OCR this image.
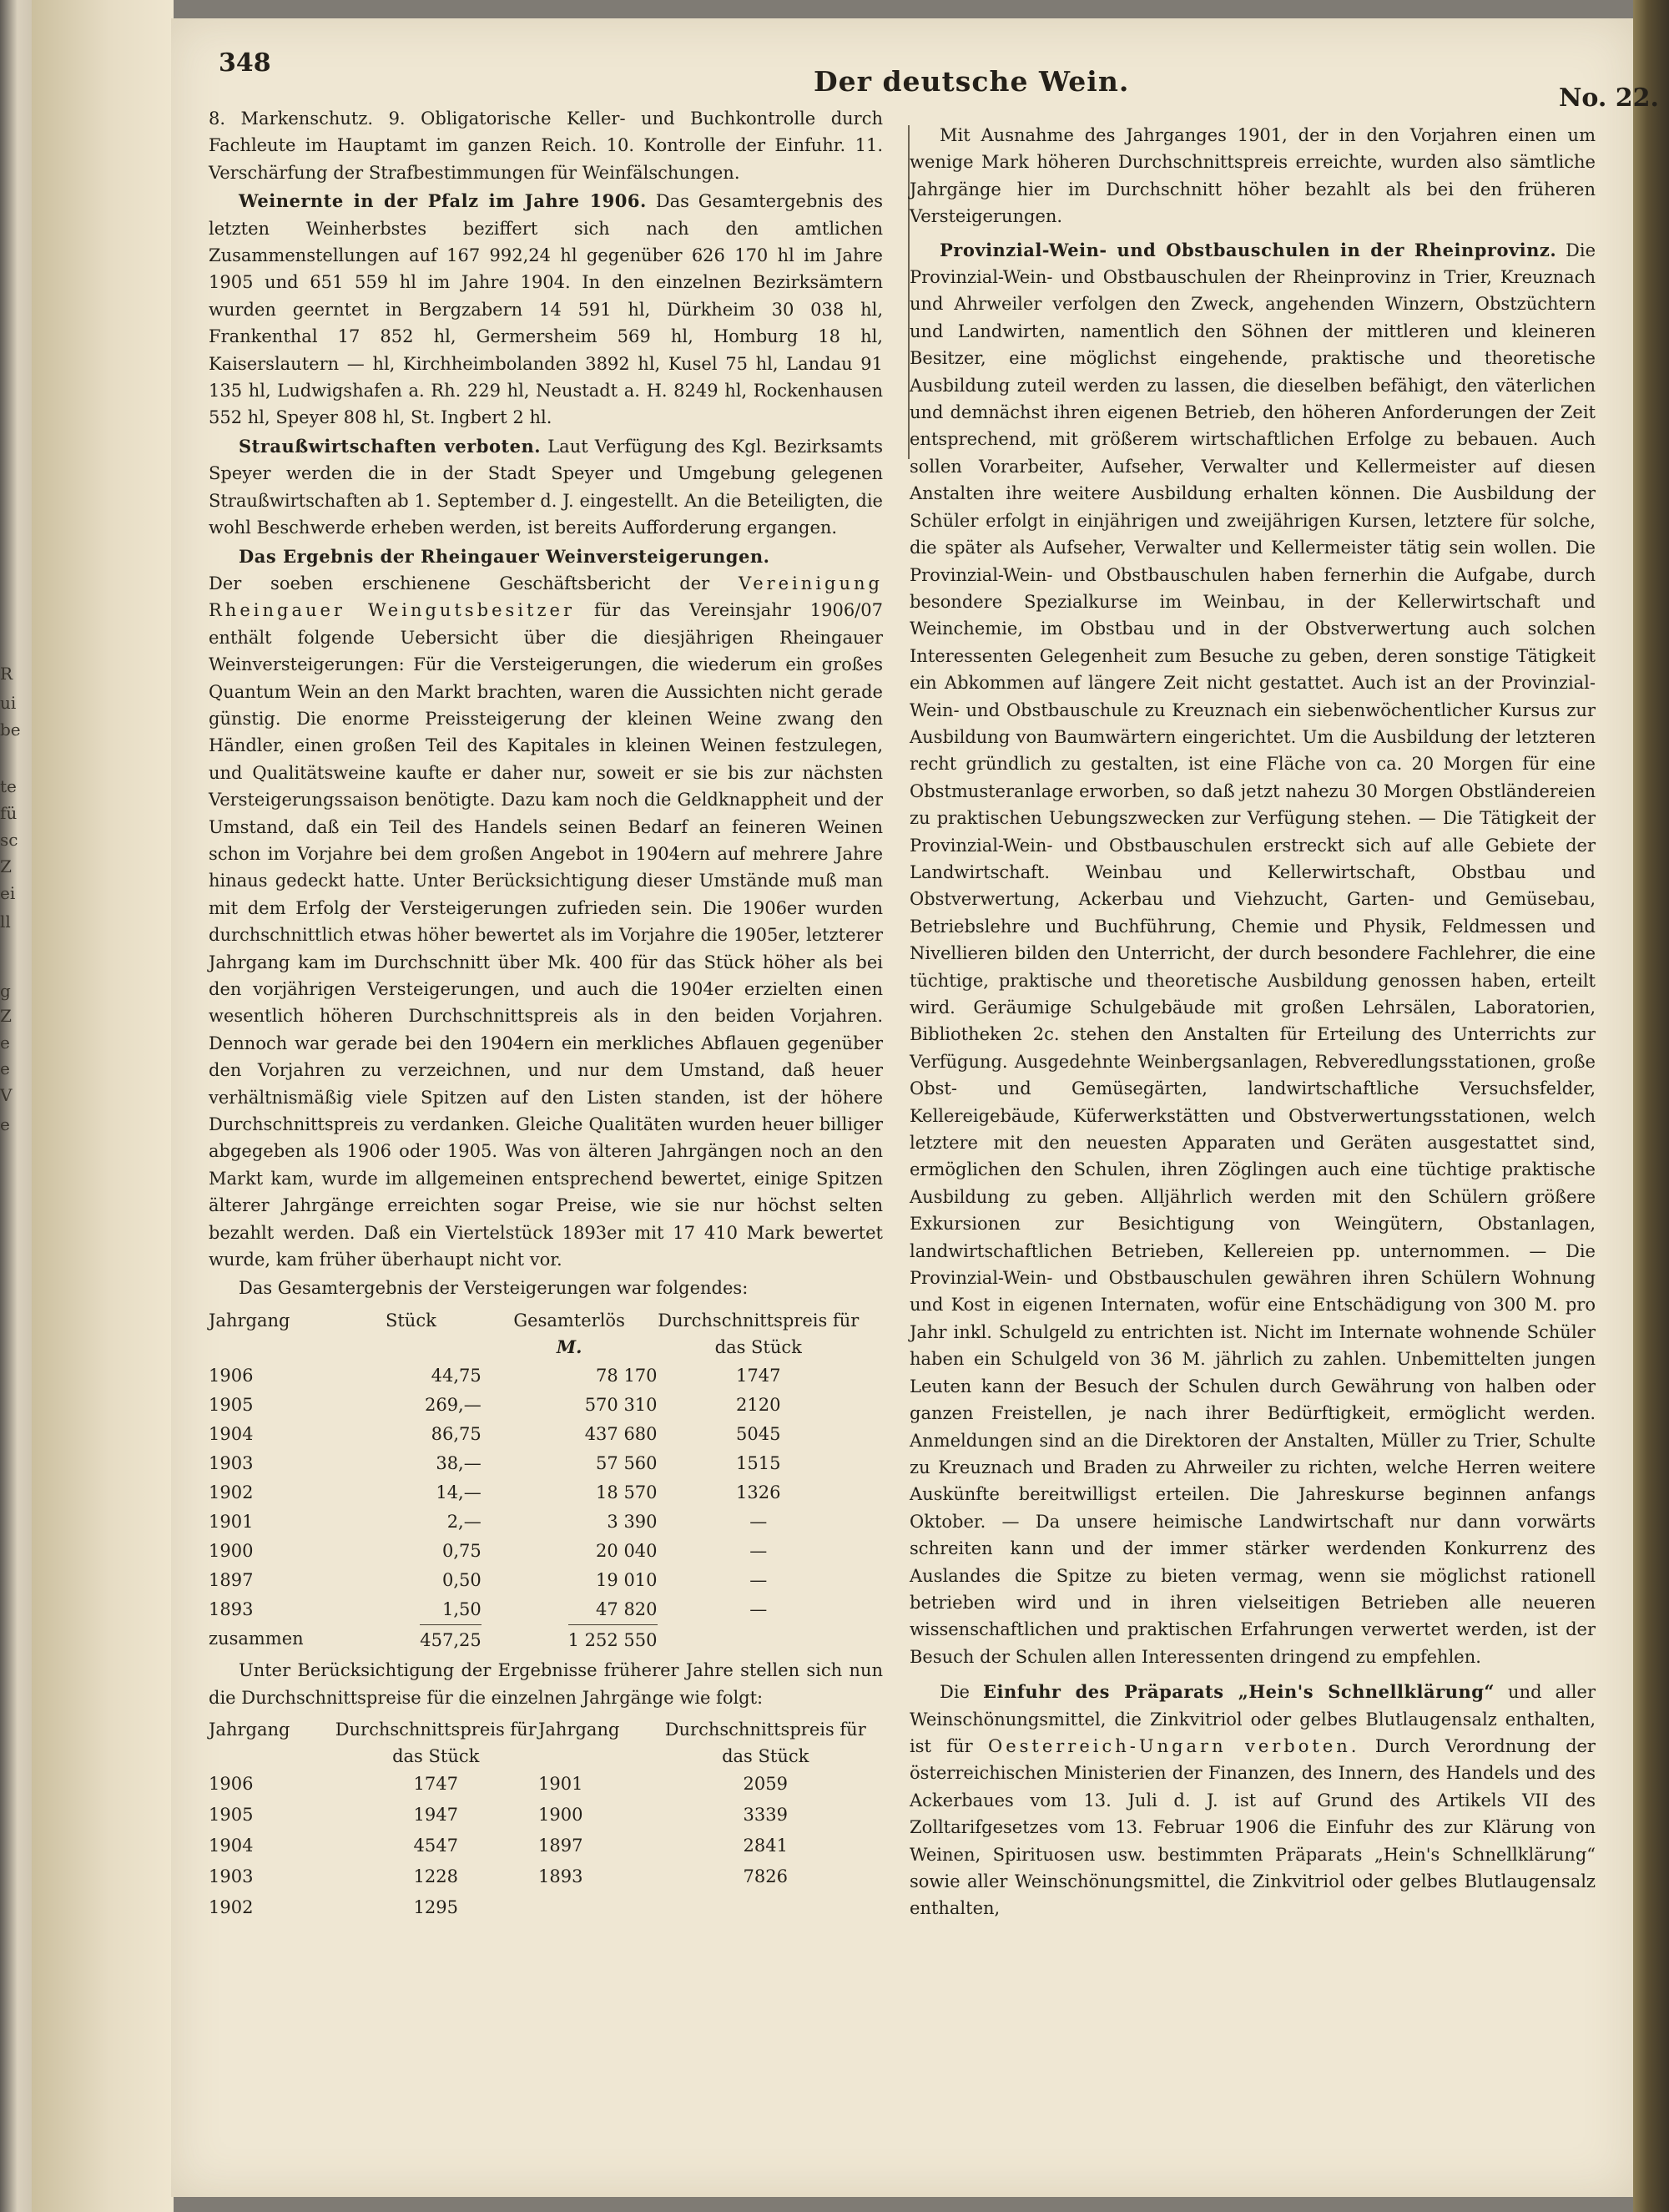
R
ui
be
te
fü
sc
Z
ei
ll
g
Z
e
e
V
e
348
Der deutsche Wein.
No. 22.

8. Markenschutz. 9. Obligatorische Keller- und Buchkontrolle durch Fachleute im Hauptamt im ganzen Reich. 10. Kontrolle der Einfuhr. 11. Verschärfung der Strafbestimmungen für Weinfälschungen.

Weinernte in der Pfalz im Jahre 1906. Das Gesamtergebnis des letzten Weinherbstes beziffert sich nach den amtlichen Zusammenstellungen auf 167 992,24 hl gegenüber 626 170 hl im Jahre 1905 und 651 559 hl im Jahre 1904. In den einzelnen Bezirksämtern wurden geerntet in Bergzabern 14 591 hl, Dürkheim 30 038 hl, Frankenthal 17 852 hl, Germersheim 569 hl, Homburg 18 hl, Kaiserslautern — hl, Kirchheimbolanden 3892 hl, Kusel 75 hl, Landau 91 135 hl, Ludwigshafen a. Rh. 229 hl, Neustadt a. H. 8249 hl, Rockenhausen 552 hl, Speyer 808 hl, St. Ingbert 2 hl.

Straußwirtschaften verboten. Laut Verfügung des Kgl. Bezirksamts Speyer werden die in der Stadt Speyer und Umgebung gelegenen Straußwirtschaften ab 1. September d. J. eingestellt. An die Beteiligten, die wohl Beschwerde erheben werden, ist bereits Aufforderung ergangen.

Das Ergebnis der Rheingauer Weinversteigerungen.

Der soeben erschienene Geschäftsbericht der Vereinigung Rheingauer Weingutsbesitzer für das Vereinsjahr 1906/07 enthält folgende Uebersicht über die diesjährigen Rheingauer Weinversteigerungen: Für die Versteigerungen, die wiederum ein großes Quantum Wein an den Markt brachten, waren die Aussichten nicht gerade günstig. Die enorme Preissteigerung der kleinen Weine zwang den Händler, einen großen Teil des Kapitales in kleinen Weinen festzulegen, und Qualitätsweine kaufte er daher nur, soweit er sie bis zur nächsten Versteigerungssaison benötigte. Dazu kam noch die Geldknappheit und der Umstand, daß ein Teil des Handels seinen Bedarf an feineren Weinen schon im Vorjahre bei dem großen Angebot in 1904ern auf mehrere Jahre hinaus gedeckt hatte. Unter Berücksichtigung dieser Umstände muß man mit dem Erfolg der Versteigerungen zufrieden sein. Die 1906er wurden durchschnittlich etwas höher bewertet als im Vorjahre die 1905er, letzterer Jahrgang kam im Durchschnitt über Mk. 400 für das Stück höher als bei den vorjährigen Versteigerungen, und auch die 1904er erzielten einen wesentlich höheren Durchschnittspreis als in den beiden Vorjahren. Dennoch war gerade bei den 1904ern ein merkliches Abflauen gegenüber den Vorjahren zu verzeichnen, und nur dem Umstand, daß heuer verhältnismäßig viele Spitzen auf den Listen standen, ist der höhere Durchschnittspreis zu verdanken. Gleiche Qualitäten wurden heuer billiger abgegeben als 1906 oder 1905. Was von älteren Jahrgängen noch an den Markt kam, wurde im allgemeinen entsprechend bewertet, einige Spitzen älterer Jahrgänge erreichten sogar Preise, wie sie nur höchst selten bezahlt werden. Daß ein Viertelstück 1893er mit 17 410 Mark bewertet wurde, kam früher überhaupt nicht vor.

Das Gesamtergebnis der Versteigerungen war folgendes:

Jahrgang	Stück	Gesamterlös
M.	Durchschnittspreis für das Stück
1906	44,75	78 170	1747
1905	269,—	570 310	2120
1904	86,75	437 680	5045
1903	38,—	57 560	1515
1902	14,—	18 570	1326
1901	2,—	3 390	—
1900	0,75	20 040	—
1897	0,50	19 010	—
1893	1,50	47 820	—
zusammen	457,25	1 252 550	

Unter Berücksichtigung der Ergebnisse früherer Jahre stellen sich nun die Durchschnittspreise für die einzelnen Jahrgänge wie folgt:

Jahrgang	Durchschnittspreis für das Stück	Jahrgang	Durchschnittspreis für das Stück
1906	1747	1901	2059
1905	1947	1900	3339
1904	4547	1897	2841
1903	1228	1893	7826
1902	1295		

Mit Ausnahme des Jahrganges 1901, der in den Vorjahren einen um wenige Mark höheren Durchschnittspreis erreichte, wurden also sämtliche Jahrgänge hier im Durchschnitt höher bezahlt als bei den früheren Versteigerungen.

Provinzial-Wein- und Obstbauschulen in der Rheinprovinz. Die Provinzial-Wein- und Obstbauschulen der Rheinprovinz in Trier, Kreuznach und Ahrweiler verfolgen den Zweck, angehenden Winzern, Obstzüchtern und Landwirten, namentlich den Söhnen der mittleren und kleineren Besitzer, eine möglichst eingehende, praktische und theoretische Ausbildung zuteil werden zu lassen, die dieselben befähigt, den väterlichen und demnächst ihren eigenen Betrieb, den höheren Anforderungen der Zeit entsprechend, mit größerem wirtschaftlichen Erfolge zu bebauen. Auch sollen Vorarbeiter, Aufseher, Verwalter und Kellermeister auf diesen Anstalten ihre weitere Ausbildung erhalten können. Die Ausbildung der Schüler erfolgt in einjährigen und zweijährigen Kursen, letztere für solche, die später als Aufseher, Verwalter und Kellermeister tätig sein wollen. Die Provinzial-Wein- und Obstbauschulen haben fernerhin die Aufgabe, durch besondere Spezialkurse im Weinbau, in der Kellerwirtschaft und Weinchemie, im Obstbau und in der Obstverwertung auch solchen Interessenten Gelegenheit zum Besuche zu geben, deren sonstige Tätigkeit ein Abkommen auf längere Zeit nicht gestattet. Auch ist an der Provinzial-Wein- und Obstbauschule zu Kreuznach ein siebenwöchentlicher Kursus zur Ausbildung von Baumwärtern eingerichtet. Um die Ausbildung der letzteren recht gründlich zu gestalten, ist eine Fläche von ca. 20 Morgen für eine Obstmusteranlage erworben, so daß jetzt nahezu 30 Morgen Obstländereien zu praktischen Uebungszwecken zur Verfügung stehen. — Die Tätigkeit der Provinzial-Wein- und Obstbauschulen erstreckt sich auf alle Gebiete der Landwirtschaft. Weinbau und Kellerwirtschaft, Obstbau und Obstverwertung, Ackerbau und Viehzucht, Garten- und Gemüsebau, Betriebslehre und Buchführung, Chemie und Physik, Feldmessen und Nivellieren bilden den Unterricht, der durch besondere Fachlehrer, die eine tüchtige, praktische und theoretische Ausbildung genossen haben, erteilt wird. Geräumige Schulgebäude mit großen Lehrsälen, Laboratorien, Bibliotheken 2c. stehen den Anstalten für Erteilung des Unterrichts zur Verfügung. Ausgedehnte Weinbergsanlagen, Rebveredlungsstationen, große Obst- und Gemüsegärten, landwirtschaftliche Versuchsfelder, Kellereigebäude, Küferwerkstätten und Obstverwertungsstationen, welch letztere mit den neuesten Apparaten und Geräten ausgestattet sind, ermöglichen den Schulen, ihren Zöglingen auch eine tüchtige praktische Ausbildung zu geben. Alljährlich werden mit den Schülern größere Exkursionen zur Besichtigung von Weingütern, Obstanlagen, landwirtschaftlichen Betrieben, Kellereien pp. unternommen. — Die Provinzial-Wein- und Obstbauschulen gewähren ihren Schülern Wohnung und Kost in eigenen Internaten, wofür eine Entschädigung von 300 M. pro Jahr inkl. Schulgeld zu entrichten ist. Nicht im Internate wohnende Schüler haben ein Schulgeld von 36 M. jährlich zu zahlen. Unbemittelten jungen Leuten kann der Besuch der Schulen durch Gewährung von halben oder ganzen Freistellen, je nach ihrer Bedürftigkeit, ermöglicht werden. Anmeldungen sind an die Direktoren der Anstalten, Müller zu Trier, Schulte zu Kreuznach und Braden zu Ahrweiler zu richten, welche Herren weitere Auskünfte bereitwilligst erteilen. Die Jahreskurse beginnen anfangs Oktober. — Da unsere heimische Landwirtschaft nur dann vorwärts schreiten kann und der immer stärker werdenden Konkurrenz des Auslandes die Spitze zu bieten vermag, wenn sie möglichst rationell betrieben wird und in ihren vielseitigen Betrieben alle neueren wissenschaftlichen und praktischen Erfahrungen verwertet werden, ist der Besuch der Schulen allen Interessenten dringend zu empfehlen.

Die Einfuhr des Präparats „Hein's Schnellklärung“ und aller Weinschönungsmittel, die Zinkvitriol oder gelbes Blutlaugensalz enthalten, ist für Oesterreich-Ungarn verboten. Durch Verordnung der österreichischen Ministerien der Finanzen, des Innern, des Handels und des Ackerbaues vom 13. Juli d. J. ist auf Grund des Artikels VII des Zolltarifgesetzes vom 13. Februar 1906 die Einfuhr des zur Klärung von Weinen, Spirituosen usw. bestimmten Präparats „Hein's Schnellklärung“ sowie aller Weinschönungsmittel, die Zinkvitriol oder gelbes Blutlaugensalz enthalten,
